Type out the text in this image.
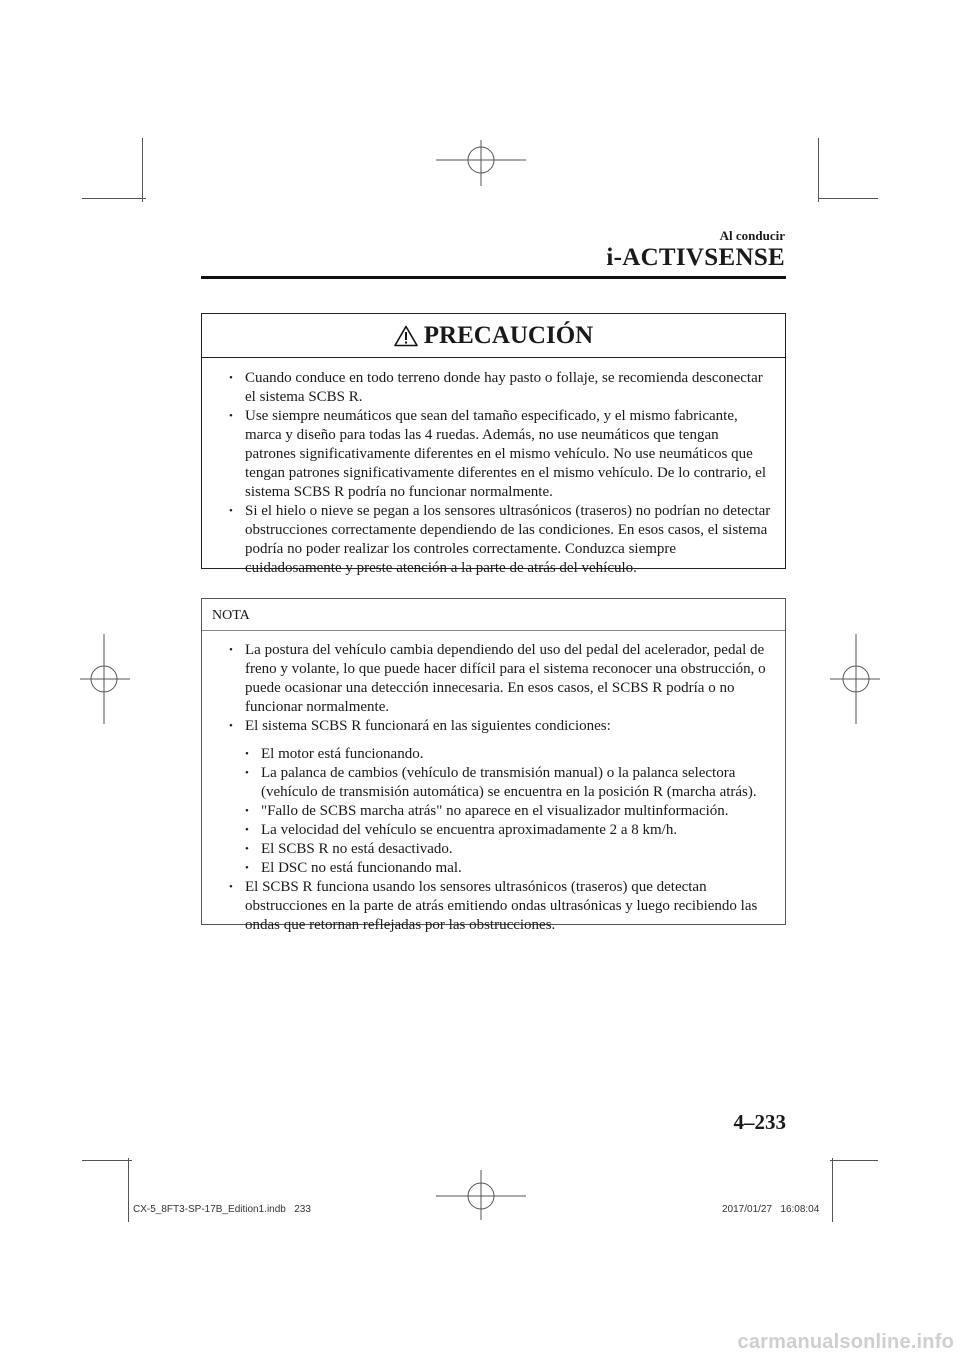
Al conducir
i-ACTIVSENSE
PRECAUCIÓN
• Cuando conduce en todo terreno donde hay pasto o follaje, se recomienda desconectar el sistema SCBS R.
• Use siempre neumáticos que sean del tamaño especificado, y el mismo fabricante, marca y diseño para todas las 4 ruedas. Además, no use neumáticos que tengan patrones significativamente diferentes en el mismo vehículo. No use neumáticos que tengan patrones significativamente diferentes en el mismo vehículo. De lo contrario, el sistema SCBS R podría no funcionar normalmente.
• Si el hielo o nieve se pegan a los sensores ultrasónicos (traseros) no podrían no detectar obstrucciones correctamente dependiendo de las condiciones. En esos casos, el sistema podría no poder realizar los controles correctamente. Conduzca siempre cuidadosamente y preste atención a la parte de atrás del vehículo.
NOTA
• La postura del vehículo cambia dependiendo del uso del pedal del acelerador, pedal de freno y volante, lo que puede hacer difícil para el sistema reconocer una obstrucción, o puede ocasionar una detección innecesaria. En esos casos, el SCBS R podría o no funcionar normalmente.
• El sistema SCBS R funcionará en las siguientes condiciones:
• El motor está funcionando.
• La palanca de cambios (vehículo de transmisión manual) o la palanca selectora (vehículo de transmisión automática) se encuentra en la posición R (marcha atrás).
• "Fallo de SCBS marcha atrás" no aparece en el visualizador multinformación.
• La velocidad del vehículo se encuentra aproximadamente 2 a 8 km/h.
• El SCBS R no está desactivado.
• El DSC no está funcionando mal.
• El SCBS R funciona usando los sensores ultrasónicos (traseros) que detectan obstrucciones en la parte de atrás emitiendo ondas ultrasónicas y luego recibiendo las ondas que retornan reflejadas por las obstrucciones.
4–233
CX-5_8FT3-SP-17B_Edition1.indb   233	2017/01/27   16:08:04
carmanualsonline.info
